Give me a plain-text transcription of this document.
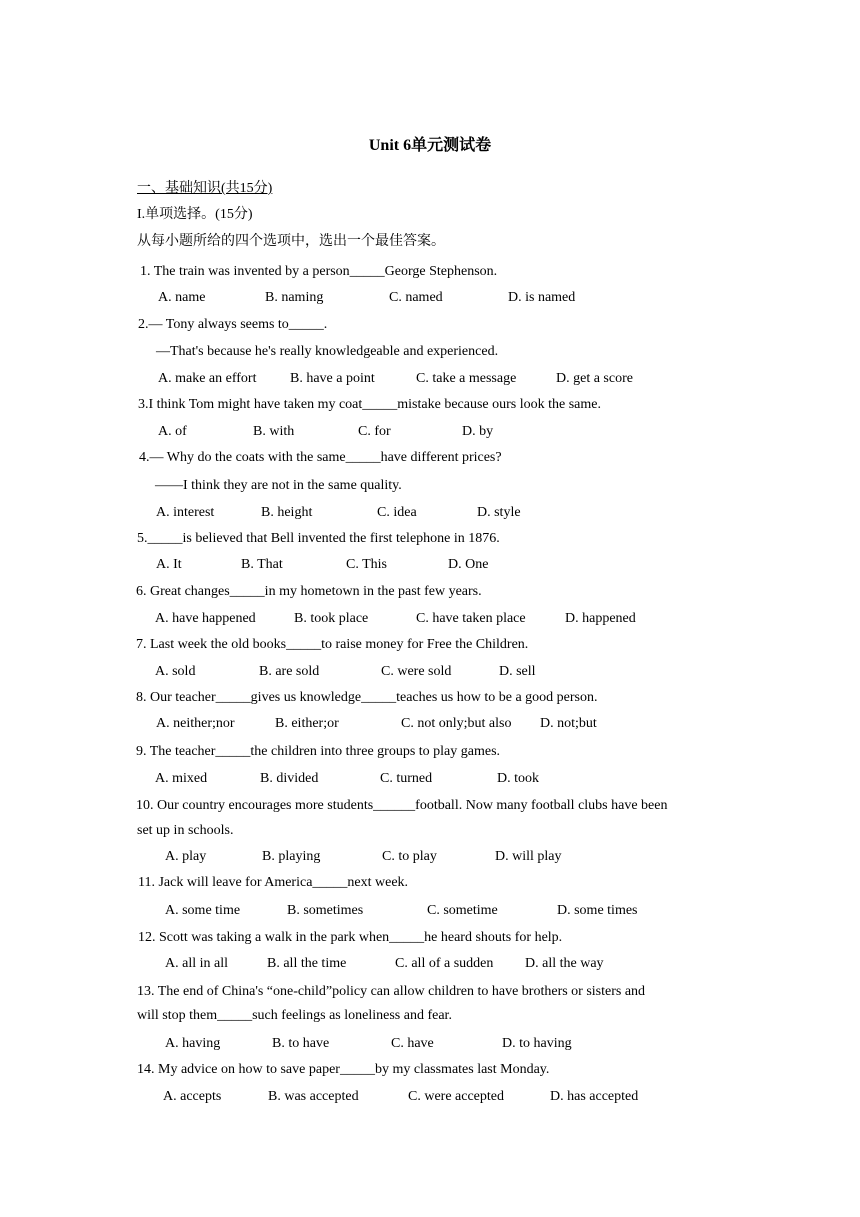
Unit 6单元测试卷
一、基础知识(共15分)
I.单项选择。(15分)
从每小题所给的四个选项中，选出一个最佳答案。
1. The train was invented by a person_____George Stephenson.
A. name	B. naming	C. named	D. is named
2.— Tony always seems to_____.
—That's because he's really knowledgeable and experienced.
A. make an effort B. have a point	C. take a message	D. get a score
3.I think Tom might have taken my coat_____mistake because ours look the same.
A. of	B. with	C. for	D. by
4.— Why do the coats with the same_____have different prices?
——I think they are not in the same quality.
A. interest	B. height	C. idea	D. style
5._____is believed that Bell invented the first telephone in 1876.
A. It	B. That	C. This	D. One
6. Great changes_____in my hometown in the past few years.
A. have happened	B. took place	C. have taken place	D. happened
7. Last week the old books_____to raise money for Free the Children.
A. sold	B. are sold	C. were sold	D. sell
8. Our teacher_____gives us knowledge_____teaches us how to be a good person.
A. neither;nor	B. either;or	C. not only;but also D. not;but
9. The teacher_____the children into three groups to play games.
A. mixed	B. divided	C. turned	D. took
10. Our country encourages more students______football. Now many football clubs have been
set up in schools.
A. play	B. playing	C. to play	D. will play
11. Jack will leave for America_____next week.
A. some time	B. sometimes	C. sometime	D. some times
12. Scott was taking a walk in the park when_____he heard shouts for help.
A. all in all	B. all the time	C. all of a sudden D. all the way
13. The end of China's “one-child”policy can allow children to have brothers or sisters and
will stop them_____such feelings as loneliness and fear.
A. having	B. to have	C. have	D. to having
14. My advice on how to save paper_____by my classmates last Monday.
A. accepts	B. was accepted	C. were accepted	D. has accepted
